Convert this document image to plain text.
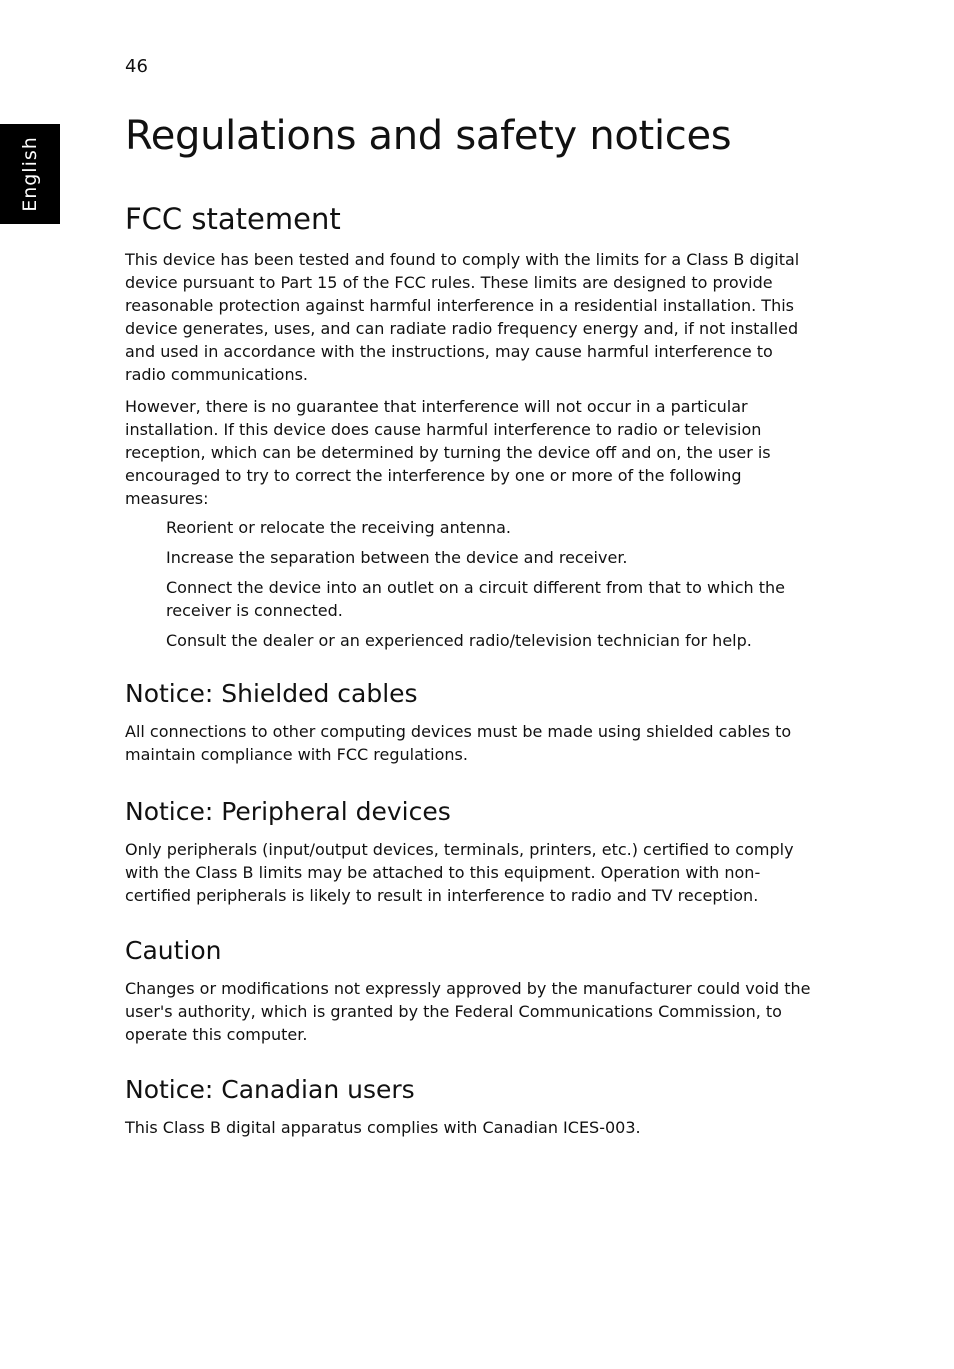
46
English
Regulations and safety notices
FCC statement

This device has been tested and found to comply with the limits for a Class B digital device pursuant to Part 15 of the FCC rules. These limits are designed to provide reasonable protection against harmful interference in a residential installation. This device generates, uses, and can radiate radio frequency energy and, if not installed and used in accordance with the instructions, may cause harmful interference to radio communications.

However, there is no guarantee that interference will not occur in a particular installation. If this device does cause harmful interference to radio or television reception, which can be determined by turning the device off and on, the user is encouraged to try to correct the interference by one or more of the following measures:

Reorient or relocate the receiving antenna.
Increase the separation between the device and receiver.
Connect the device into an outlet on a circuit different from that to which the receiver is connected.
Consult the dealer or an experienced radio/television technician for help.
Notice: Shielded cables

All connections to other computing devices must be made using shielded cables to maintain compliance with FCC regulations.

Notice: Peripheral devices

Only peripherals (input/output devices, terminals, printers, etc.) certified to comply with the Class B limits may be attached to this equipment. Operation with non-certified peripherals is likely to result in interference to radio and TV reception.

Caution

Changes or modifications not expressly approved by the manufacturer could void the user's authority, which is granted by the Federal Communications Commission, to operate this computer.

Notice: Canadian users

This Class B digital apparatus complies with Canadian ICES-003.
